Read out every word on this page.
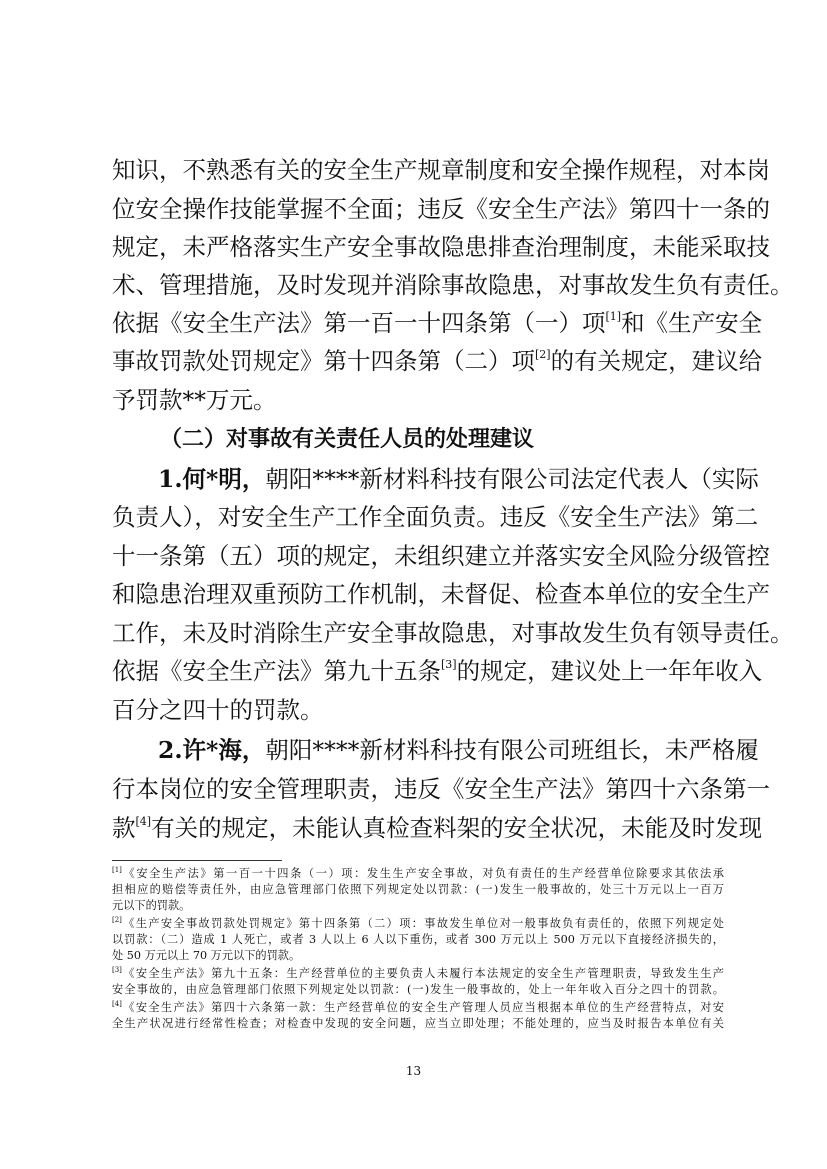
知识，不熟悉有关的安全生产规章制度和安全操作规程，对本岗
位安全操作技能掌握不全面；违反《安全生产法》第四十一条的
规定，未严格落实生产安全事故隐患排查治理制度，未能采取技
术、管理措施，及时发现并消除事故隐患，对事故发生负有责任。
依据《安全生产法》第一百一十四条第（一）项[1]和《生产安全
事故罚款处罚规定》第十四条第（二）项[2]的有关规定，建议给
予罚款**万元。
（二）对事故有关责任人员的处理建议
1.何*明，朝阳****新材料科技有限公司法定代表人（实际
负责人），对安全生产工作全面负责。违反《安全生产法》第二
十一条第（五）项的规定，未组织建立并落实安全风险分级管控
和隐患治理双重预防工作机制，未督促、检查本单位的安全生产
工作，未及时消除生产安全事故隐患，对事故发生负有领导责任。
依据《安全生产法》第九十五条[3]的规定，建议处上一年年收入
百分之四十的罚款。
2.许*海，朝阳****新材料科技有限公司班组长，未严格履
行本岗位的安全管理职责，违反《安全生产法》第四十六条第一
款[4]有关的规定，未能认真检查料架的安全状况，未能及时发现
[1]《安全生产法》第一百一十四条（一）项：发生生产安全事故，对负有责任的生产经营单位除要求其依法承
担相应的赔偿等责任外，由应急管理部门依照下列规定处以罚款：(一)发生一般事故的，处三十万元以上一百万
元以下的罚款。
[2]《生产安全事故罚款处罚规定》第十四条第（二）项：事故发生单位对一般事故负有责任的，依照下列规定处
以罚款：（二）造成 1 人死亡，或者 3 人以上 6 人以下重伤，或者 300 万元以上 500 万元以下直接经济损失的，
处 50 万元以上 70 万元以下的罚款。
[3]《安全生产法》第九十五条：生产经营单位的主要负责人未履行本法规定的安全生产管理职责，导致发生生产
安全事故的，由应急管理部门依照下列规定处以罚款：(一)发生一般事故的，处上一年年收入百分之四十的罚款。
[4]《安全生产法》第四十六条第一款：生产经营单位的安全生产管理人员应当根据本单位的生产经营特点，对安
全生产状况进行经常性检查；对检查中发现的安全问题，应当立即处理；不能处理的，应当及时报告本单位有关
13
